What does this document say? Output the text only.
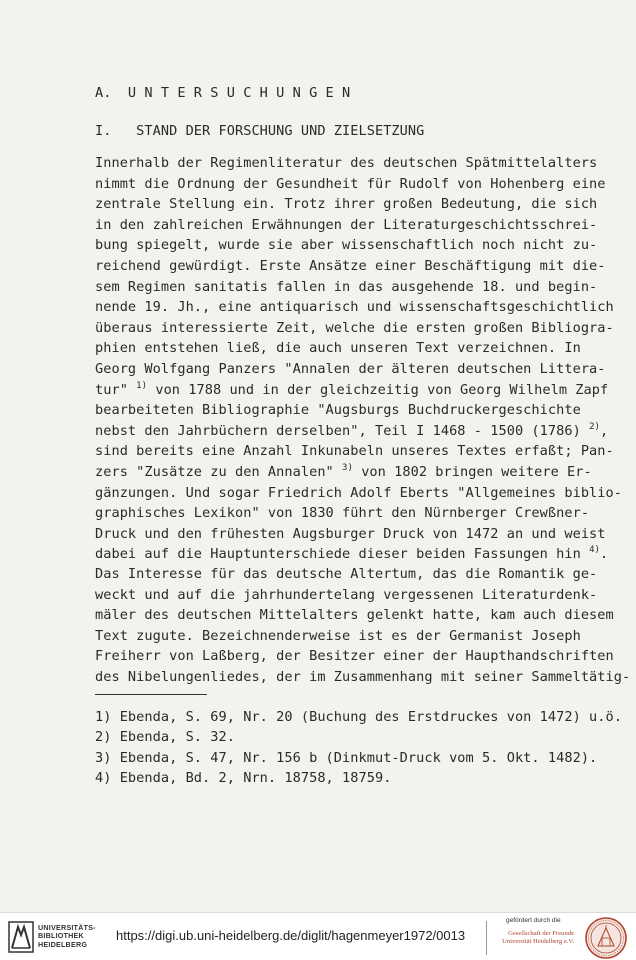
A.  U N T E R S U C H U N G E N
I.   STAND DER FORSCHUNG UND ZIELSETZUNG
Innerhalb der Regimenliteratur des deutschen Spätmittelalters
nimmt die Ordnung der Gesundheit für Rudolf von Hohenberg eine
zentrale Stellung ein. Trotz ihrer großen Bedeutung, die sich
in den zahlreichen Erwähnungen der Literaturgeschichtsschrei-
bung spiegelt, wurde sie aber wissenschaftlich noch nicht zu-
reichend gewürdigt. Erste Ansätze einer Beschäftigung mit die-
sem Regimen sanitatis fallen in das ausgehende 18. und begin-
nende 19. Jh., eine antiquarisch und wissenschaftsgeschichtlich
überaus interessierte Zeit, welche die ersten großen Bibliogra-
phien entstehen ließ, die auch unseren Text verzeichnen. In
Georg Wolfgang Panzers "Annalen der älteren deutschen Littera-
tur" $^{1)}$ von 1788 und in der gleichzeitig von Georg Wilhelm Zapf
bearbeiteten Bibliographie "Augsburgs Buchdruckergeschichte
nebst den Jahrbüchern derselben", Teil I 1468 - 1500 (1786) $^{2)}$,
sind bereits eine Anzahl Inkunabeln unseres Textes erfaßt; Pan-
zers "Zusätze zu den Annalen" $^{3)}$ von 1802 bringen weitere Er-
gänzungen. Und sogar Friedrich Adolf Eberts "Allgemeines biblio-
graphisches Lexikon" von 1830 führt den Nürnberger Crewßner-
Druck und den frühesten Augsburger Druck von 1472 an und weist
dabei auf die Hauptunterschiede dieser beiden Fassungen hin $^{4)}$.
Das Interesse für das deutsche Altertum, das die Romantik ge-
weckt und auf die jahrhundertelang vergessenen Literaturdenk-
mäler des deutschen Mittelalters gelenkt hatte, kam auch diesem
Text zugute. Bezeichnenderweise ist es der Germanist Joseph
Freiherr von Laßberg, der Besitzer einer der Haupthandschriften
des Nibelungenliedes, der im Zusammenhang mit seiner Sammeltätig-
1) Ebenda, S. 69, Nr. 20 (Buchung des Erstdruckes von 1472) u.ö.
2) Ebenda, S. 32.
3) Ebenda, S. 47, Nr. 156 b (Dinkmut-Druck vom 5. Okt. 1482).
4) Ebenda, Bd. 2, Nrn. 18758, 18759.
UNIVERSITÄTS-
BIBLIOTHEK
HEIDELBERG
https://digi.ub.uni-heidelberg.de/diglit/hagenmeyer1972/0013
gefördert durch die
Gesellschaft der Freunde
Universität Heidelberg e.V.
